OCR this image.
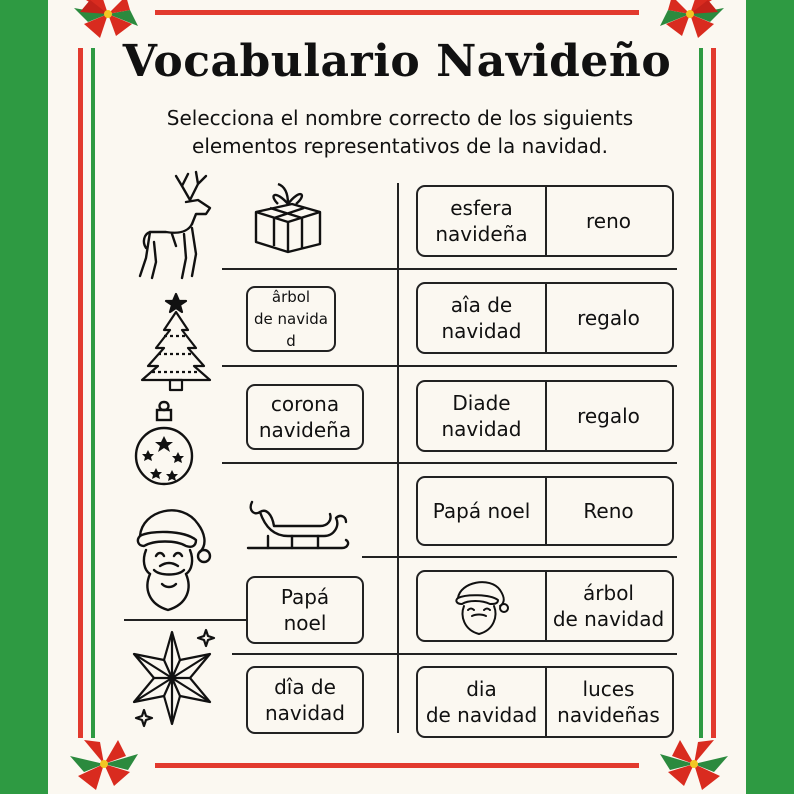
Vocabulario Navideño
Selecciona el nombre correcto de los siguients
elementos representativos de la navidad.
ârbol
de navida d
corona
navideña
Papá
noel
dîa de
navidad
esfera
navideña
reno
aîa de
navidad
regalo
Diade
navidad
regalo
Papá noel	Reno
árbol
de navidad
dia
de navidad
luces
navideñas
